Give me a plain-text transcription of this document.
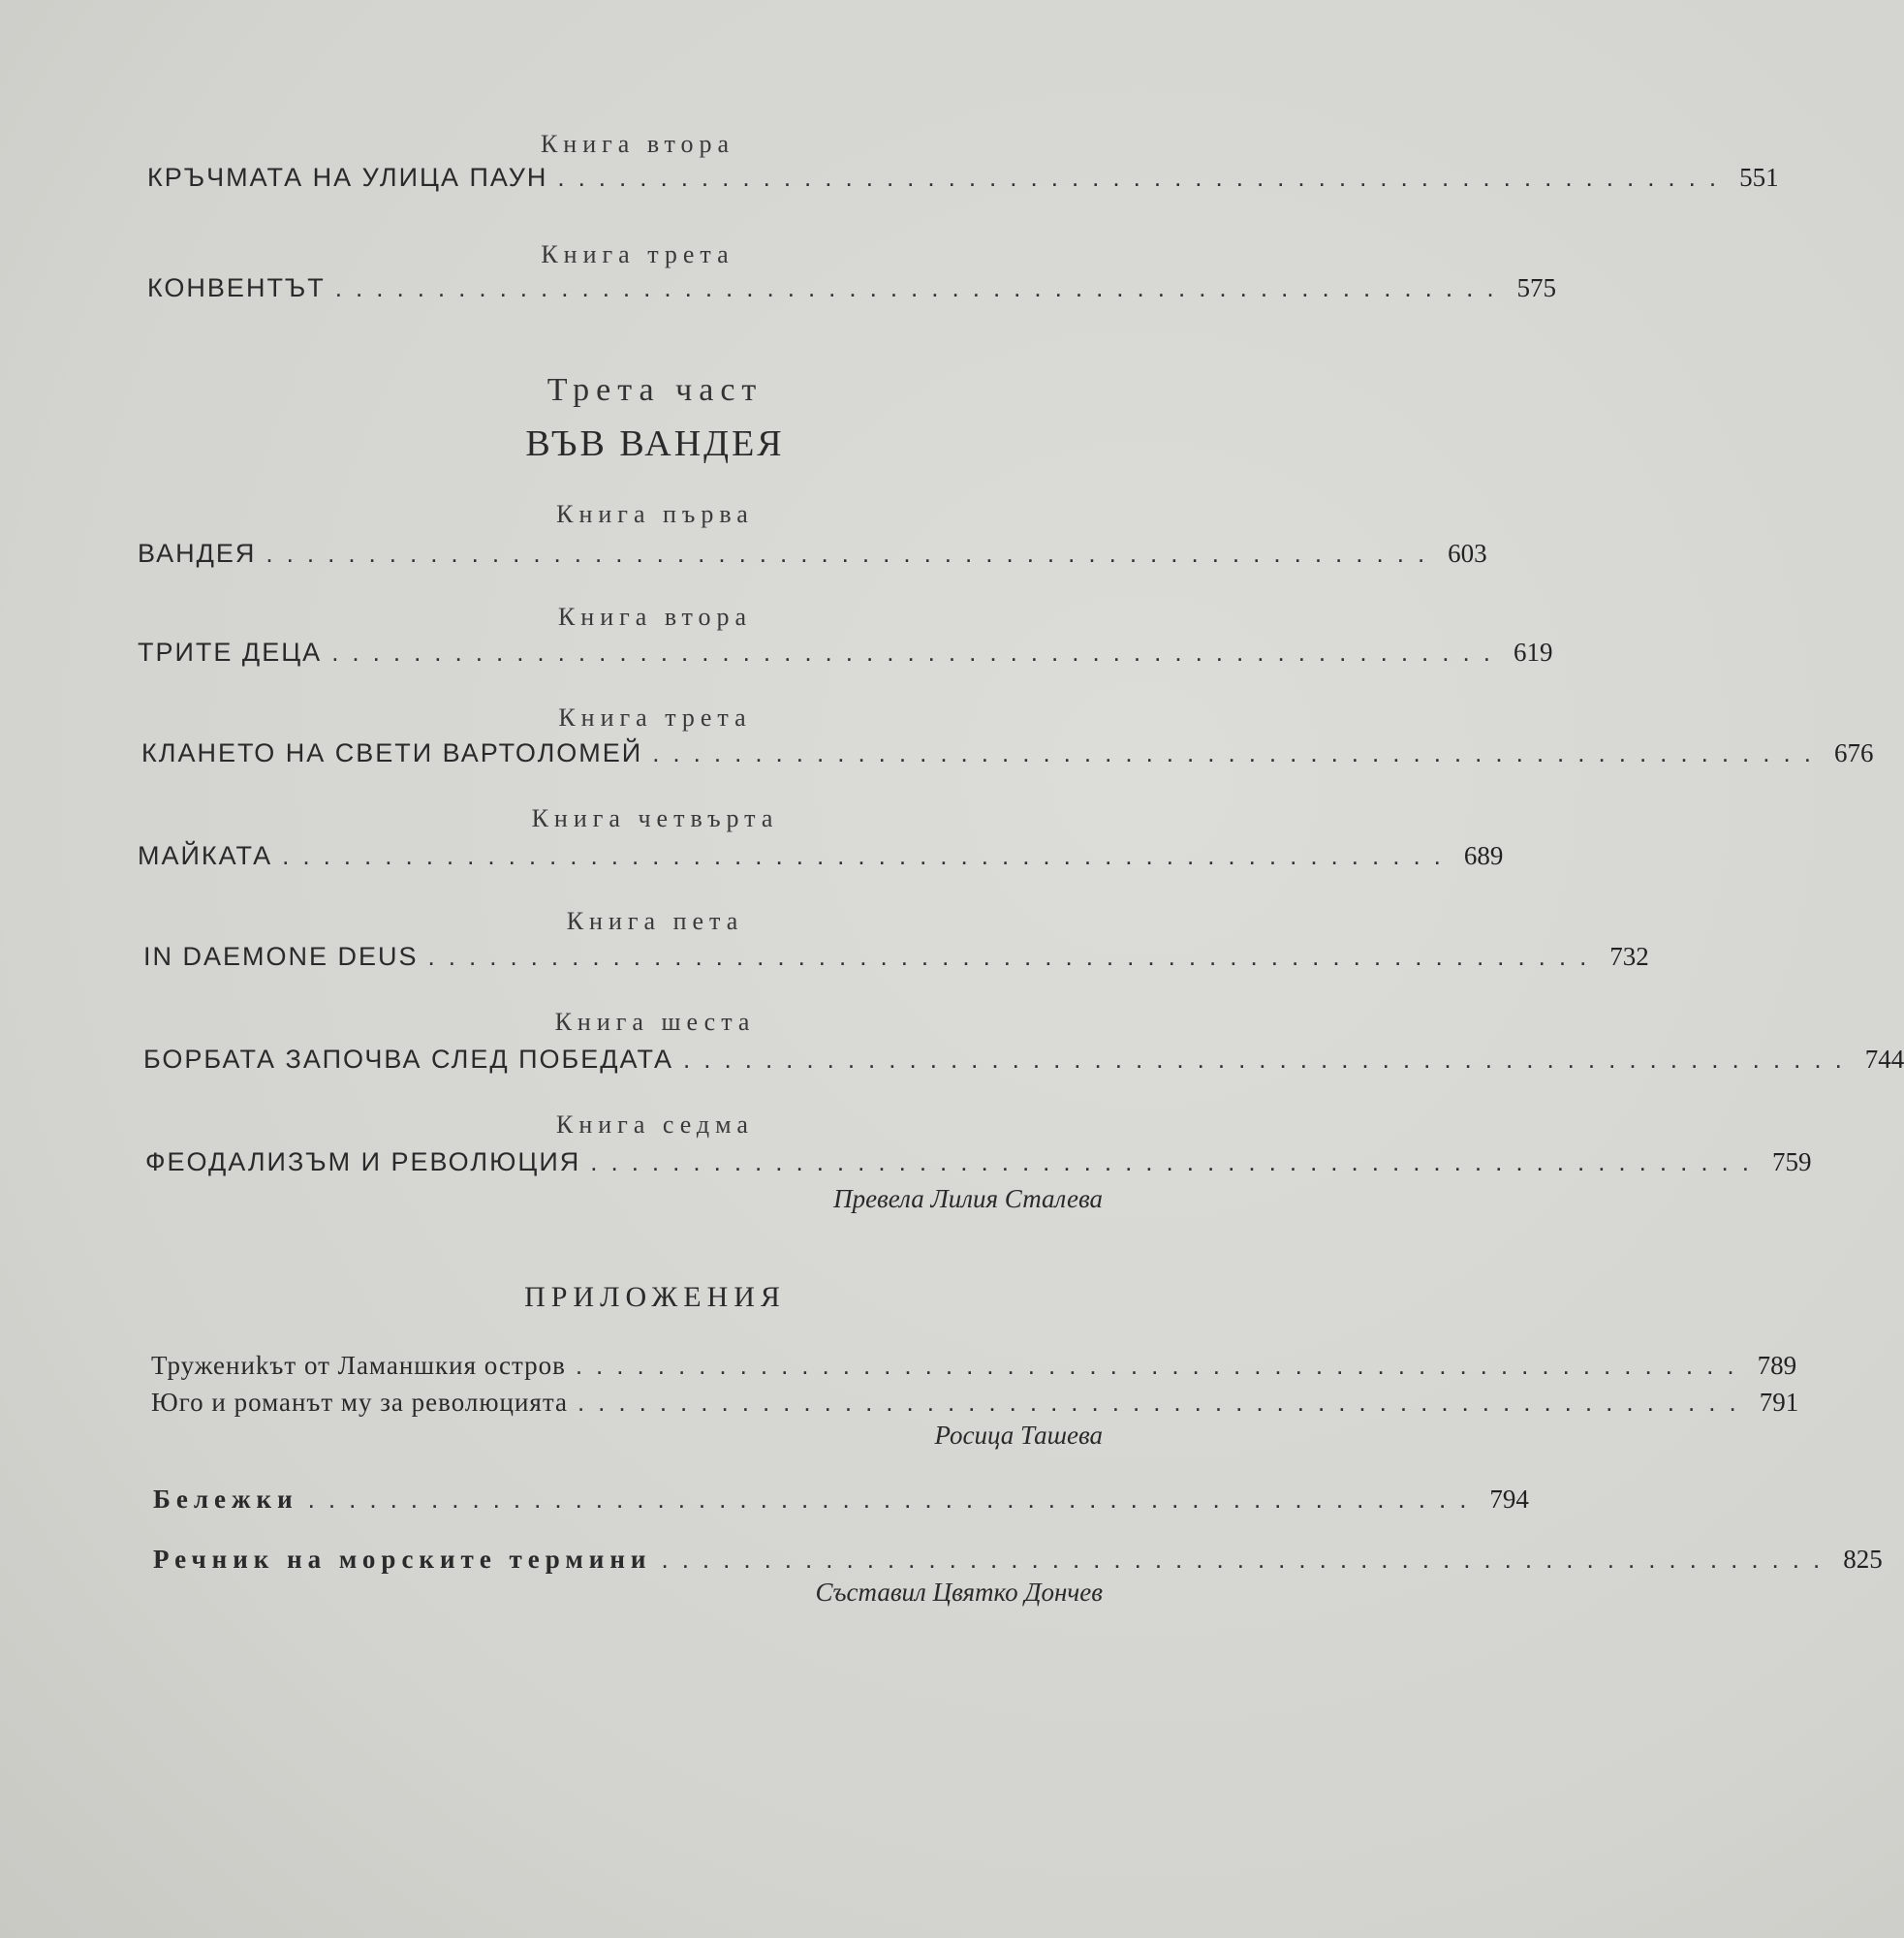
Книга втора
КРЪЧМАТА НА УЛИЦА ПАУН ......................................................... 551
Книга трета
КОНВЕНТЪТ ......................................................... 575
Трета част
ВЪВ ВАНДЕЯ
Книга първа
ВАНДЕЯ ......................................................... 603
Книга втора
ТРИТЕ ДЕЦА ......................................................... 619
Книга трета
КЛАНЕТО НА СВЕТИ ВАРТОЛОМЕЙ ......................................................... 676
Книга четвърта
МАЙКАТА ......................................................... 689
Книга пета
IN DAEMONE DEUS ......................................................... 732
Книга шеста
БОРБАТА ЗАПОЧВА СЛЕД ПОБЕДАТА ......................................................... 744
Книга седма
ФЕОДАЛИЗЪМ И РЕВОЛЮЦИЯ ......................................................... 759
Превела Лилия Сталева
ПРИЛОЖЕНИЯ
Тружениkът от Ламаншкия остров ......................................................... 789
Юго и романът му за революцията ......................................................... 791
Росица Ташева
Бележки ......................................................... 794
Речник на морските термини ......................................................... 825
Съставил Цвятко Дончев
